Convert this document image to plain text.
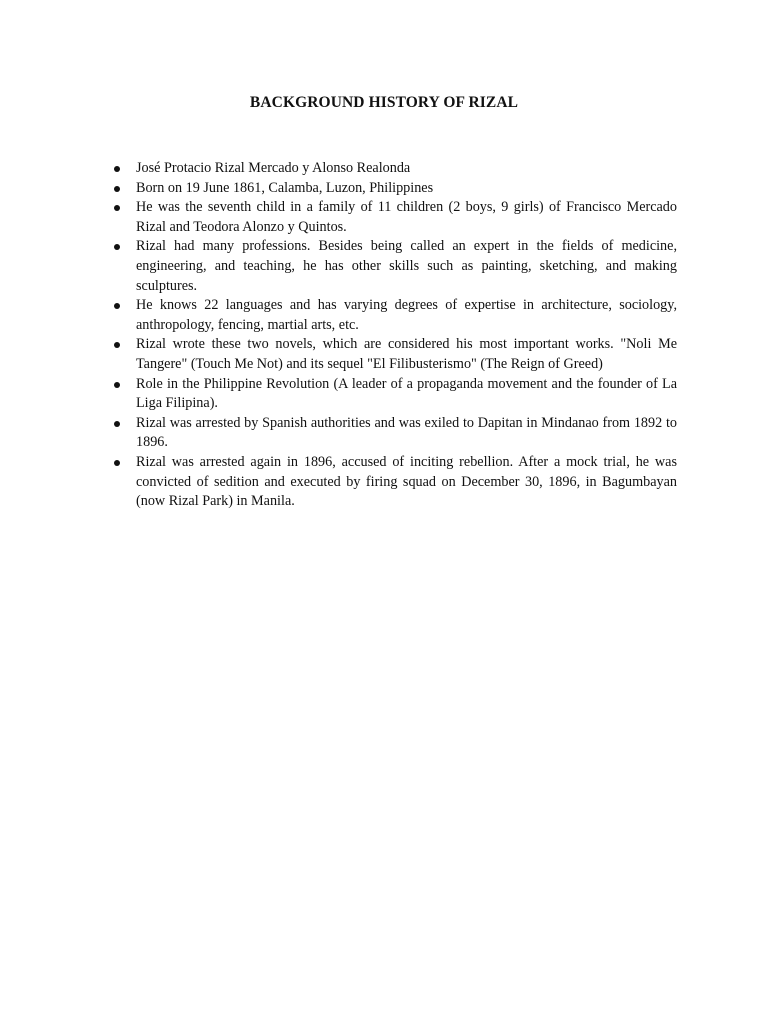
BACKGROUND HISTORY OF RIZAL
José Protacio Rizal Mercado y Alonso Realonda
Born on 19 June 1861, Calamba, Luzon, Philippines
He was the seventh child in a family of 11 children (2 boys, 9 girls) of Francisco Mercado Rizal and Teodora Alonzo y Quintos.
Rizal had many professions. Besides being called an expert in the fields of medicine, engineering, and teaching, he has other skills such as painting, sketching, and making sculptures.
He knows 22 languages and has varying degrees of expertise in architecture, sociology, anthropology, fencing, martial arts, etc.
Rizal wrote these two novels, which are considered his most important works. "Noli Me Tangere" (Touch Me Not) and its sequel "El Filibusterismo" (The Reign of Greed)
Role in the Philippine Revolution (A leader of a propaganda movement and the founder of La Liga Filipina).
Rizal was arrested by Spanish authorities and was exiled to Dapitan in Mindanao from 1892 to 1896.
Rizal was arrested again in 1896, accused of inciting rebellion. After a mock trial, he was convicted of sedition and executed by firing squad on December 30, 1896, in Bagumbayan (now Rizal Park) in Manila.
